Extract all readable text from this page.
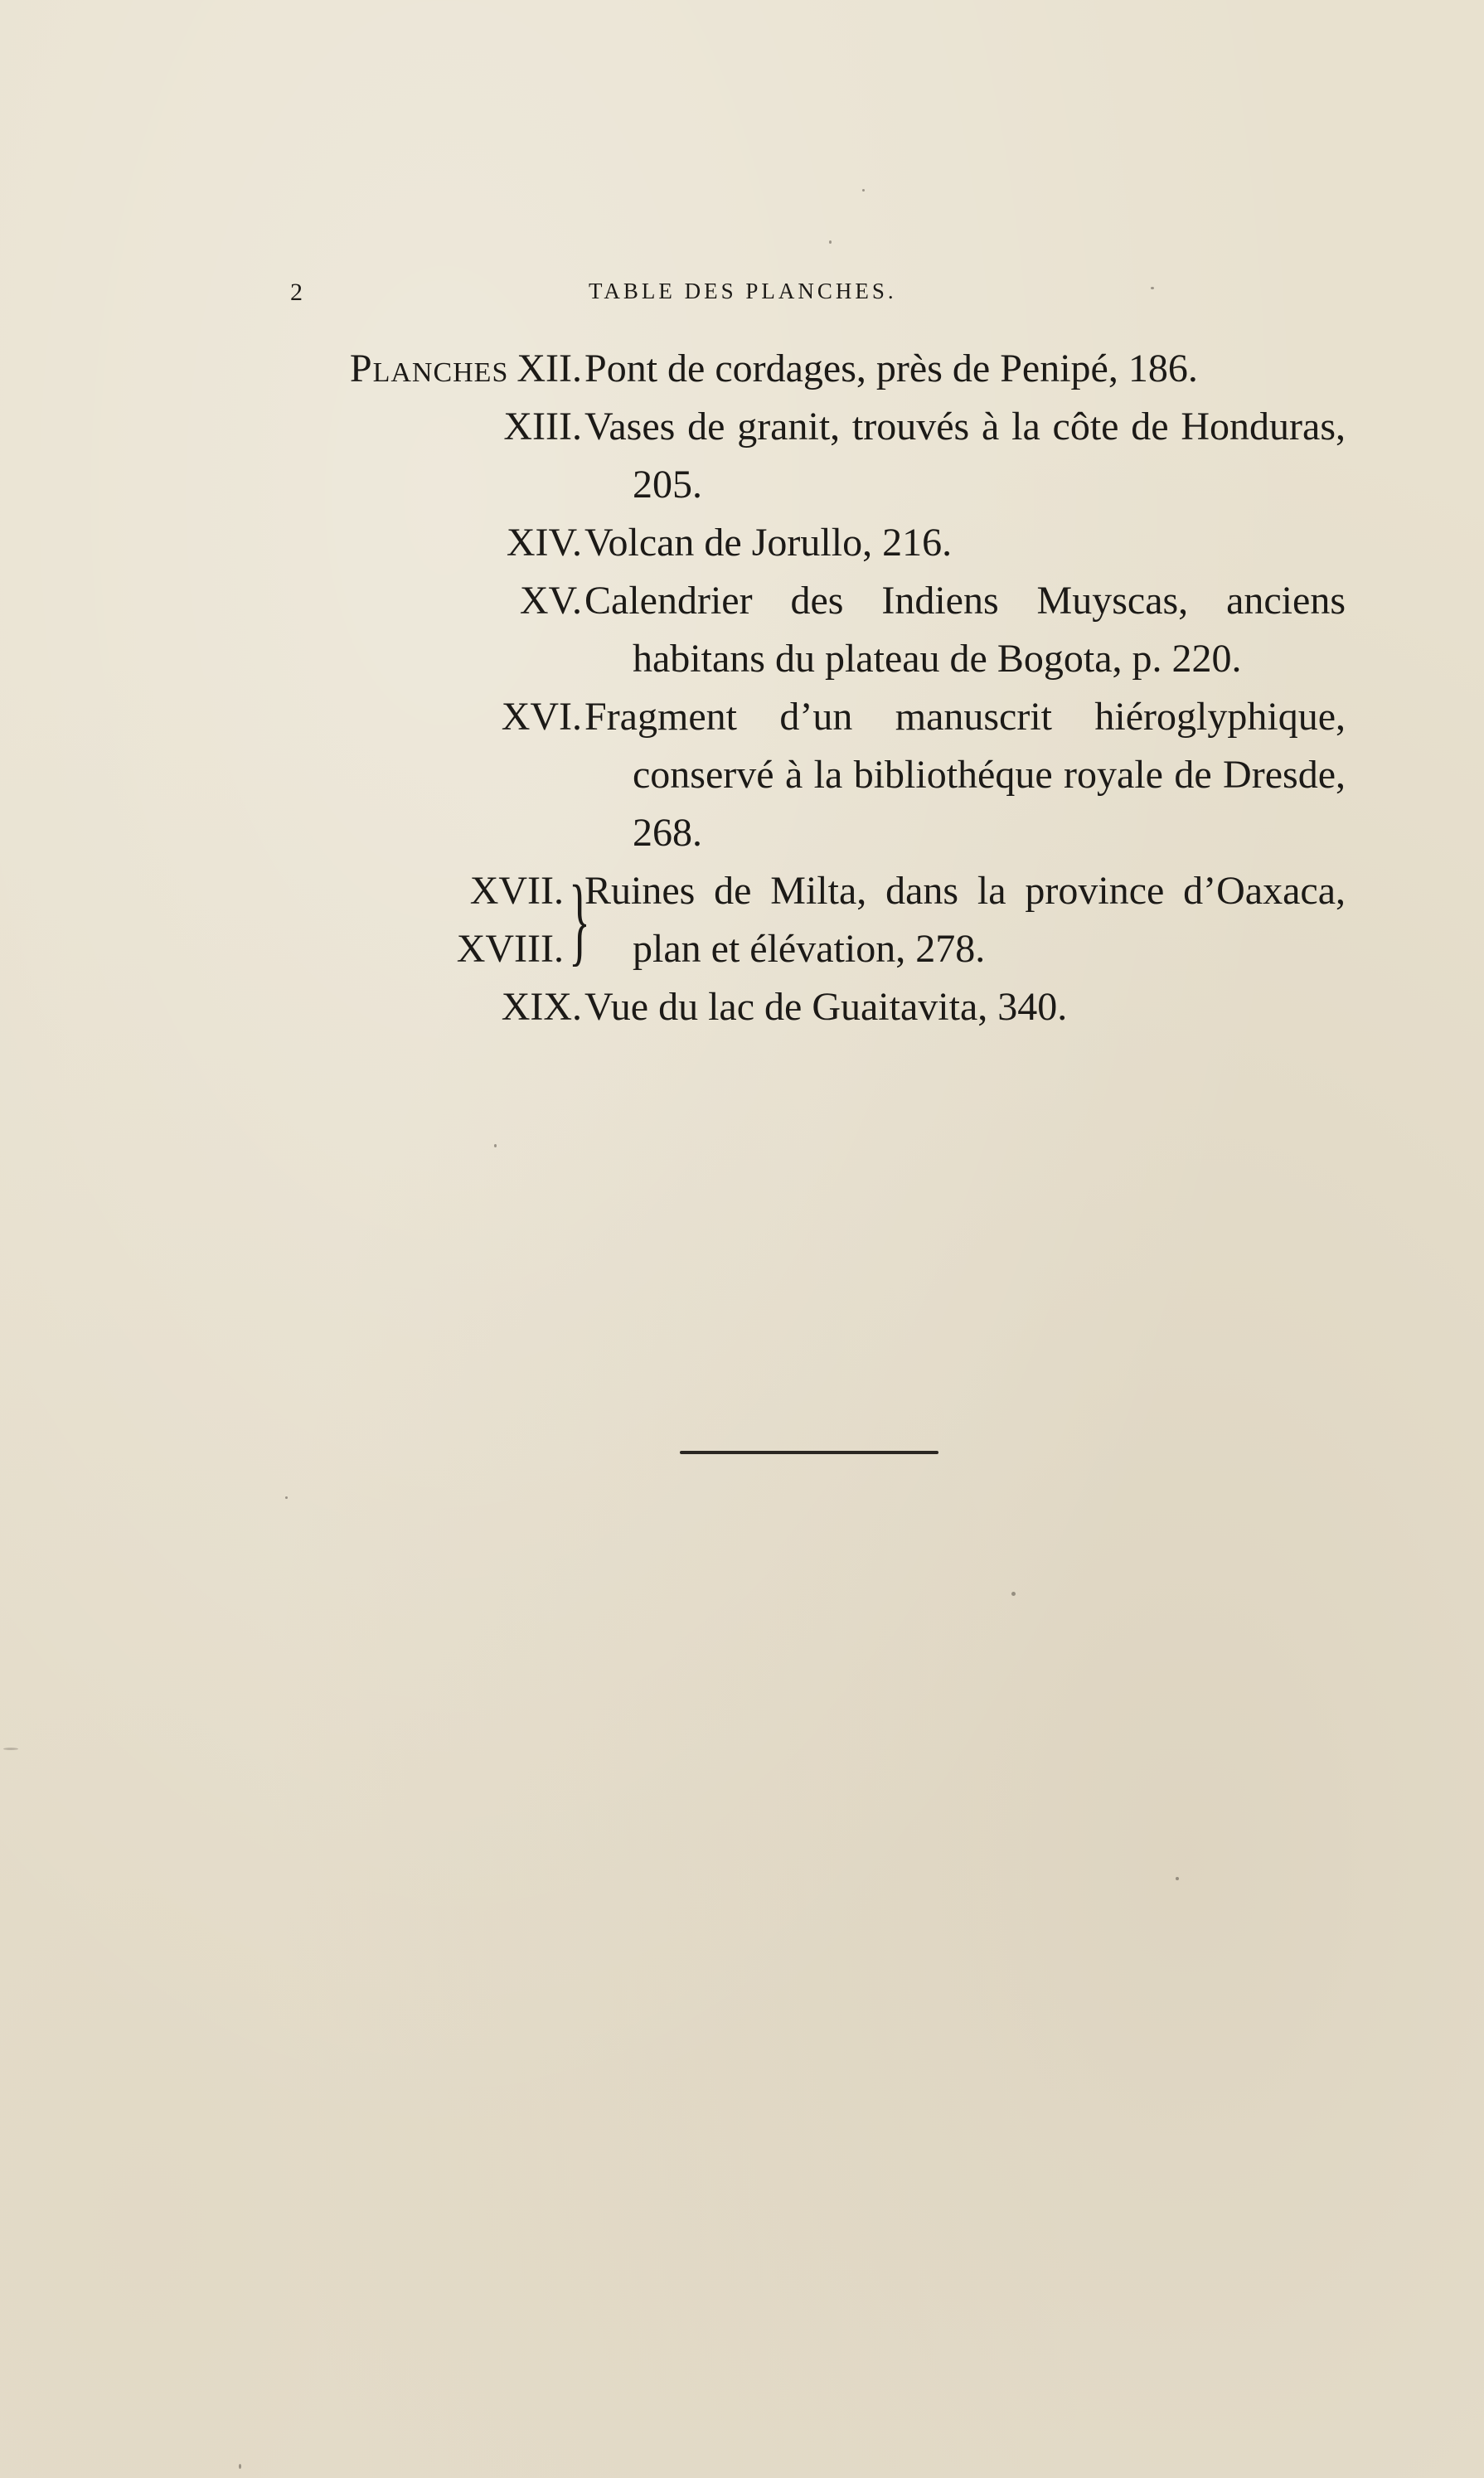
2	TABLE DES PLANCHES.
Planches XII. Pont de cordages, près de Penipé, 186.
XIII. Vases de granit, trouvés à la côte de Honduras, 205.
XIV. Volcan de Jorullo, 216.
XV. Calendrier des Indiens Muyscas, anciens habitans du plateau de Bogota, p. 220.
XVI. Fragment d’un manuscrit hiéroglyphique, conservé à la bibliothéque royale de Dresde, 268.
XVII.
XVIII. }
Ruines de Milta, dans la province d’Oaxaca, plan et élévation, 278.
XIX. Vue du lac de Guaitavita, 340.
